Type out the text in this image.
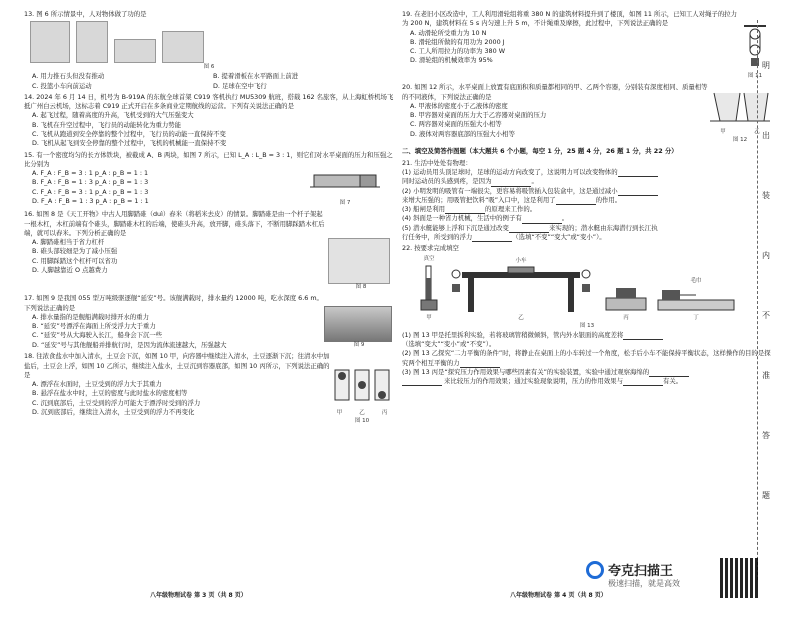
13. 图 6 所示情景中，人对物体做了功的是
图 6
A. 用力推石头但没有推动	B. 提着滑板在水平路面上前进
C. 投篮小车向前运动	D. 足球在空中飞行
14. 2024 年 6 月 14 日，机号为 B-919A 的东航全球首架 C919 客机执行 MU5309 航班，搭载 162 名旅客，从上海虹桥机场飞抵广州白云机场，这标志着 C919 正式开启在多条商业定期航线的运营。下列有关说法正确的是
A. 起飞过程，随着高度的升高，飞机受到的大气压强变大
B. 飞机在升空过程中，飞行员的动能转化为重力势能
C. 飞机从跑道到安全停靠的整个过程中，飞行员的动能一直保持不变
D. 飞机从起飞到安全停靠的整个过程中，飞机的机械能一直保持不变
15. 有一个密度均匀的长方体铁块，被截成 A、B 两块，如图 7 所示，已知 L_A : L_B = 3 : 1，则它们对水平桌面的压力和压强之比分别为
A. F_A : F_B = 3 : 1 p_A : p_B = 1 : 1
B. F_A : F_B = 1 : 3 p_A : p_B = 1 : 3
C. F_A : F_B = 3 : 1 p_A : p_B = 1 : 3
D. F_A : F_B = 1 : 3 p_A : p_B = 1 : 1	图 7
16. 如图 8 是《天工开物》中古人用脚踏碓（duì）舂米（将稻米去皮）的情景。脚踏碓是由一个杆子架起一根木杠，木杠前端有个碓头，脚踏碓木杠的后端，使碓头升高，放开脚，碓头落下，不断用脚踩踏木杠后端，就可以舂米。下列分析正确的是
A. 脚踏碓相当于省力杠杆
B. 碓头部较细是为了减小压强
C. 用脚踩踏这个杠杆可以省功
D. 人脚越靠近 O 点越费力
图 8
17. 如图 9 是我国 055 型万吨级驱逐舰“延安”号。该舰满载时，排水量约 12000 吨，吃水深度 6.6 m。下列说法正确的是
A. 排水量指的是舰船满载时排开水的重力
B. “延安”号漂浮在海面上所受浮力大于重力
C. “延安”号从大海驶入长江，船身会下沉一些
D. “延安”号与其他舰船并排航行时，是因为流体流速越大，压强越大	图 9
18. 往浓食盐水中加入清水，土豆会下沉，如图 10 甲，向容器中继续注入清水，土豆逐渐下沉；往清水中加盐后，土豆会上浮，如图 10 乙所示，继续注入盐水，土豆沉到容器底部，如图 10 丙所示，下列说法正确的是
A. 漂浮在水面时，土豆受到的浮力大于其重力
B. 悬浮在盐水中时，土豆的密度与此时盐水的密度相等
C. 沉到底部后，土豆受到的浮力可能大于漂浮时受到的浮力
D. 沉到底部后，继续注入清水，土豆受到的浮力不再变化	甲	乙	丙
图 10
八年级物理试卷 第 3 页（共 8 页）
19. 在老旧小区改造中，工人利用滑轮组将重 380 N 的建筑材料提升到了楼顶，如图 11 所示，已知工人对绳子的拉力为 200 N，建筑材料在 5 s 内匀速上升 5 m，不计绳重及摩擦，此过程中，下列说法正确的是
A. 动滑轮所受重力为 10 N
B. 滑轮组所做的有用功为 2000 J
C. 工人所用拉力的功率为 380 W
D. 滑轮组的机械效率为 95%
图 11
20. 如图 12 所示，水平桌面上放置有底面积和质量都相同的甲、乙两个容器，分别装有深度相同、质量相等的不同液体，下列说法正确的是
A. 甲液体的密度小于乙液体的密度
B. 甲容器对桌面的压力大于乙容器对桌面的压力
C. 两容器对桌面的压强大小相等
D. 液体对两容器底部的压强大小相等	甲	乙
图 12
二、填空及简答作图题（本大题共 6 个小题，每空 1 分，25 题 4 分，26 题 1 分，共 22 分）
21. 生活中处处有物理：
(1) 运动员用头顶足球时，足球的运动方向改变了，这说明力可以改变物体的
同时运动员的头感到疼，是因为	。
(2) 小明发明的吸管有一端很尖，更容易将吸管插入包装盒中，这是通过减小
来增大压强的；用吸管把饮料“吸”入口中，这是利用了	的作用。
(3) 船闸是利用	的原理来工作的。
(4) 斜面是一种省力机械，生活中的例子有	。
(5) 潜水艇能够上浮和下沉是通过改变	来实现的；潜水艇由东海潜行到长江执
行任务中，所受到的浮力	（选填“不变”“变大”或“变小”）。
22. 按要求完成填空
真空
甲
小车
乙	丙
毛巾
丁
图 13
(1) 图 13 甲是托里拆利实验，若将玻璃管稍微倾斜，管内外水银面的高度差将
（选填“变大”“变小”或“不变”）。
(2) 图 13 乙探究“二力平衡的条件”时，将静止在桌面上的小车转过一个角度，松手后小车不能保持平衡状态，这样操作的目的是探究两个相互平衡的力
(3) 图 13 丙是“探究压力作用效果与哪些因素有关”的实验装置，实验中通过观察海绵的
来比较压力的作用效果；通过实验现象说明，压力的作用效果与	有关。
八年级物理试卷 第 4 页（共 8 页）
明
出
装
内
不
准
答
题
夸克扫描王
极速扫描，就是高效
